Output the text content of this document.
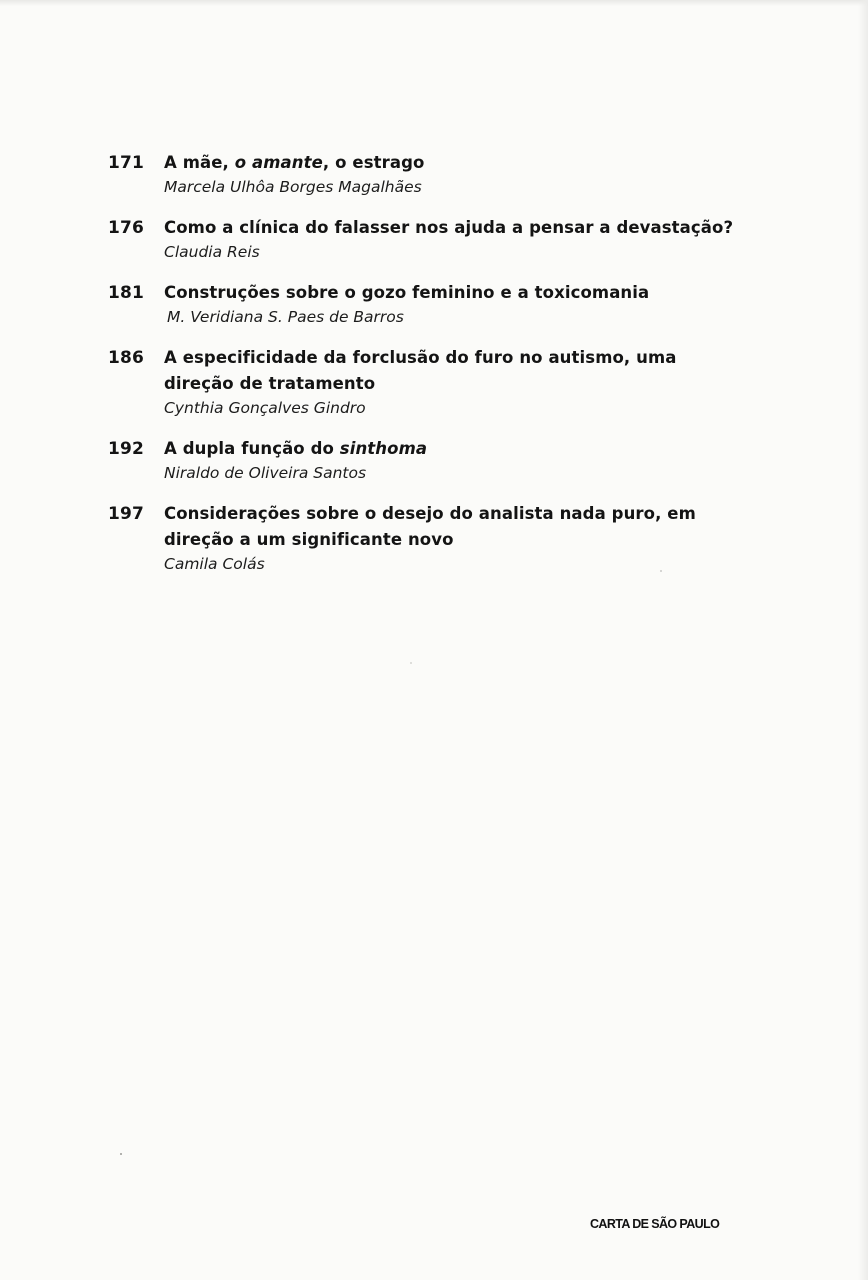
171 A mãe, o amante, o estrago
Marcela Ulhôa Borges Magalhães
176 Como a clínica do falasser nos ajuda a pensar a devastação?
Claudia Reis
181 Construções sobre o gozo feminino e a toxicomania
M. Veridiana S. Paes de Barros
186 A especificidade da forclusão do furo no autismo, uma
direção de tratamento
Cynthia Gonçalves Gindro
192 A dupla função do sinthoma
Niraldo de Oliveira Santos
197 Considerações sobre o desejo do analista nada puro, em
direção a um significante novo
Camila Colás
CARTA DE SÃO PAULO
